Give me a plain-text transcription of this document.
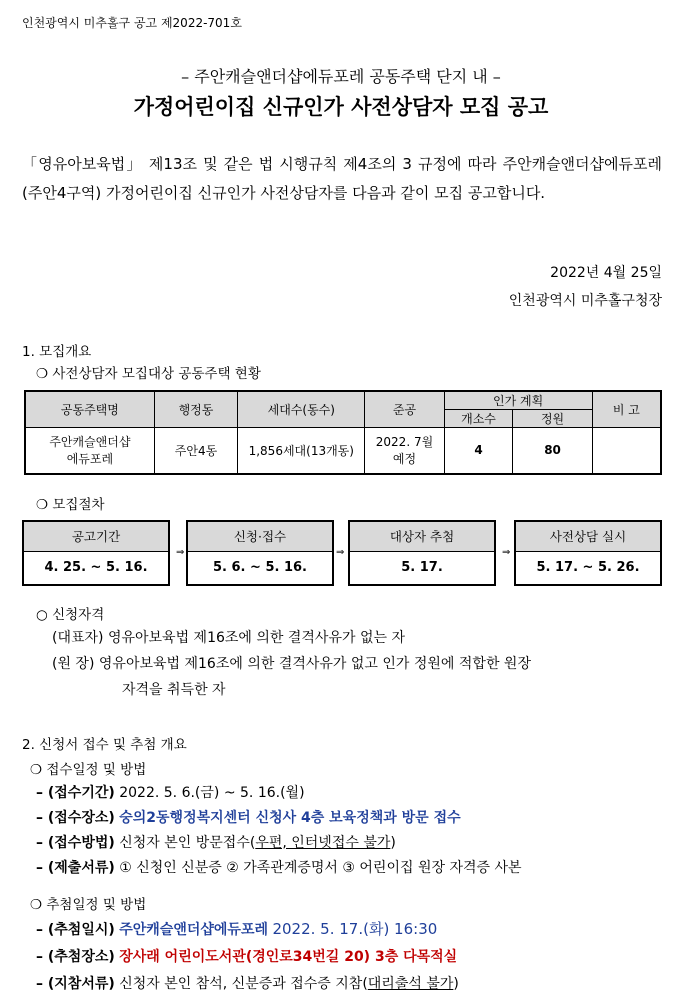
인천광역시 미추홀구 공고 제2022-701호
– 주안캐슬앤더샵에듀포레 공동주택 단지 내 –
가정어린이집 신규인가 사전상담자 모집 공고
「영유아보육법」 제13조 및 같은 법 시행규칙 제4조의 3 규정에 따라 주안캐슬앤더샵에듀포레(주안4구역) 가정어린이집 신규인가 사전상담자를 다음과 같이 모집 공고합니다.
2022년 4월 25일
인천광역시 미추홀구청장
1. 모집개요
❍ 사전상담자 모집대상 공동주택 현황
공동주택명	행정동	세대수(동수)	준공	인가 계획		비 고
				개소수	정원	
주안캐슬앤더샵 에듀포레	주안4동	1,856세대(13개동)	2022. 7월 예정	4	80	
❍ 모집절차
공고기간
4. 25. ~ 5. 16.
⇒
신청·접수
5. 6. ~ 5. 16.
⇒
대상자 추첨
5. 17.
⇒
사전상담 실시
5. 17. ~ 5. 26.
○ 신청자격
(대표자) 영유아보육법 제16조에 의한 결격사유가 없는 자
(원 장) 영유아보육법 제16조에 의한 결격사유가 없고 인가 정원에 적합한 원장
자격을 취득한 자
2. 신청서 접수 및 추첨 개요
❍ 접수일정 및 방법
– (접수기간) 2022. 5. 6.(금) ~ 5. 16.(월)
– (접수장소) 숭의2동행정복지센터 신청사 4층 보육정책과 방문 접수
– (접수방법) 신청자 본인 방문접수(우편, 인터넷접수 불가)
– (제출서류) ① 신청인 신분증 ② 가족관계증명서 ③ 어린이집 원장 자격증 사본
❍ 추첨일정 및 방법
– (추첨일시) 주안캐슬앤더샵에듀포레 2022. 5. 17.(화) 16:30
– (추첨장소) 장사래 어린이도서관(경인로34번길 20) 3층 다목적실
– (지참서류) 신청자 본인 참석, 신분증과 접수증 지참(대리출석 불가)
